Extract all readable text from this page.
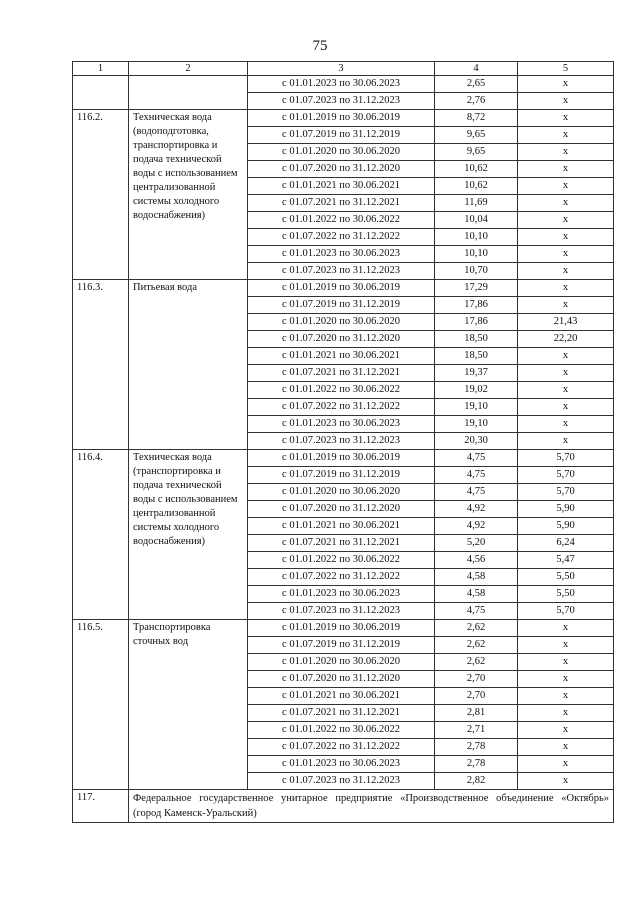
75
1	2	3	4	5
		с 01.01.2023 по 30.06.2023	2,65	х
		с 01.07.2023 по 31.12.2023	2,76	х
116.2.	Техническая вода (водоподготовка, транспортировка и подача технической воды с использованием централизованной системы холодного водоснабжения)	с 01.01.2019 по 30.06.2019	8,72	х
		с 01.07.2019 по 31.12.2019	9,65	х
		с 01.01.2020 по 30.06.2020	9,65	х
		с 01.07.2020 по 31.12.2020	10,62	х
		с 01.01.2021 по 30.06.2021	10,62	х
		с 01.07.2021 по 31.12.2021	11,69	х
		с 01.01.2022 по 30.06.2022	10,04	х
		с 01.07.2022 по 31.12.2022	10,10	х
		с 01.01.2023 по 30.06.2023	10,10	х
		с 01.07.2023 по 31.12.2023	10,70	х
116.3.	Питьевая вода	с 01.01.2019 по 30.06.2019	17,29	х
		с 01.07.2019 по 31.12.2019	17,86	х
		с 01.01.2020 по 30.06.2020	17,86	21,43
		с 01.07.2020 по 31.12.2020	18,50	22,20
		с 01.01.2021 по 30.06.2021	18,50	х
		с 01.07.2021 по 31.12.2021	19,37	х
		с 01.01.2022 по 30.06.2022	19,02	х
		с 01.07.2022 по 31.12.2022	19,10	х
		с 01.01.2023 по 30.06.2023	19,10	х
		с 01.07.2023 по 31.12.2023	20,30	х
116.4.	Техническая вода (транспортировка и подача технической воды с использованием централизованной системы холодного водоснабжения)	с 01.01.2019 по 30.06.2019	4,75	5,70
		с 01.07.2019 по 31.12.2019	4,75	5,70
		с 01.01.2020 по 30.06.2020	4,75	5,70
		с 01.07.2020 по 31.12.2020	4,92	5,90
		с 01.01.2021 по 30.06.2021	4,92	5,90
		с 01.07.2021 по 31.12.2021	5,20	6,24
		с 01.01.2022 по 30.06.2022	4,56	5,47
		с 01.07.2022 по 31.12.2022	4,58	5,50
		с 01.01.2023 по 30.06.2023	4,58	5,50
		с 01.07.2023 по 31.12.2023	4,75	5,70
116.5.	Транспортировка сточных вод	с 01.01.2019 по 30.06.2019	2,62	х
		с 01.07.2019 по 31.12.2019	2,62	х
		с 01.01.2020 по 30.06.2020	2,62	х
		с 01.07.2020 по 31.12.2020	2,70	х
		с 01.01.2021 по 30.06.2021	2,70	х
		с 01.07.2021 по 31.12.2021	2,81	х
		с 01.01.2022 по 30.06.2022	2,71	х
		с 01.07.2022 по 31.12.2022	2,78	х
		с 01.01.2023 по 30.06.2023	2,78	х
		с 01.07.2023 по 31.12.2023	2,82	х
117.	Федеральное государственное унитарное предприятие «Производственное объединение «Октябрь» (город Каменск-Уральский)			
